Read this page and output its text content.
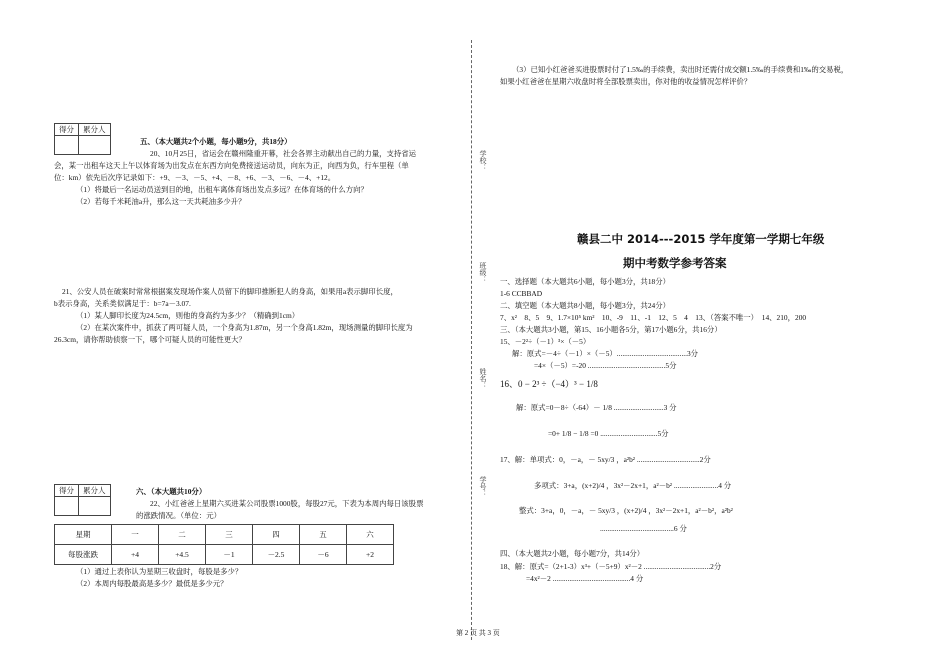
学校：
班级：
姓名：
学号：
得分	累分人

五、（本大题共2个小题，每小题9分，共18分）
20、10月25日，省运会在赣州隆重开幕，社会各界主动献出自己的力量，支持省运
会，某一出租车这天上午以体育场为出发点在东西方向免费接送运动员，向东为正，向西为负，行车里程（单
位：km）依先后次序记录如下：+9、－3、－5、+4、－8、+6、－3、－6、－4、+12。
（1）将最后一名运动员送到目的地，出租车离体育场出发点多远？在体育场的什么方向？
（2）若每千米耗油a升，那么这一天共耗油多少升？
21、公安人员在破案时常常根据案发现场作案人员留下的脚印推断犯人的身高，如果用a表示脚印长度，
b表示身高，关系类似满足于：b=7a－3.07.
（1）某人脚印长度为24.5cm，则他的身高约为多少？（精确到1cm）
（2）在某次案件中，抓获了两可疑人员，一个身高为1.87m，另一个身高1.82m，现场测量的脚印长度为
26.3cm，请你帮助侦察一下，哪个可疑人员的可能性更大？
得分	累分人
		六、（本大题共10分）
22、小红爸爸上星期六买进某公司股票1000股，每股27元，下表为本周内每日该股票
的涨跌情况。（单位：元）
星期	一	二	三	四	五	六
每股涨跌	+4	+4.5	－1	－2.5	－6	+2
（1）通过上表你认为星期三收盘时，每股是多少？
（2）本周内每股最高是多少？最低是多少元？
（3）已知小红爸爸买进股票时付了1.5‰的手续费，卖出时还需付成交额1.5‰的手续费和1‰的交易税，
如果小红爸爸在星期六收盘时将全部股票卖出，你对他的收益情况怎样评价？
赣县二中 2014---2015 学年度第一学期七年级
期中考数学参考答案
一、选择题（本大题共6小题，每小题3分，共18分）
1-6 CCBBAD
二、填空题（本大题共8小题，每小题3分，共24分）
7、x²　8、5　9、1.7×10⁵ km²　10、-9　11、-1　12、5　4　13、（答案不唯一）　14、210，200
三、（本大题共3小题，第15、16小题各5分，第17小题6分，共16分）
15、－2²÷（－1）³×（－5）
解：原式=－4÷（－1）×（－5）......................................3分
=4×（－5）=-20 ..........................................5分
16、0 − 2³ ÷（−4）³ − 1/8
解：原式=0－8÷（-64）－ 1/8 ...........................3 分
=0+ 1/8 − 1/8 =0 ...............................5分
17、解：单项式：0，－a，－ 5xy/3 ，a²b² ..................................2分
多项式：3+a，(x+2)/4 ，3x²－2x+1，a²－b² ........................4 分
整式：3+a，0，－a，－ 5xy/3 ，(x+2)/4 ，3x²－2x+1，a²－b²，a²b²
........................................6 分
四、（本大题共2小题，每小题7分，共14分）
18、解：原式=（2+1-3）x³+（－5+9）x²－2 ....................................2分
=4x²－2 ..........................................4 分
第 2 页 共 3 页
